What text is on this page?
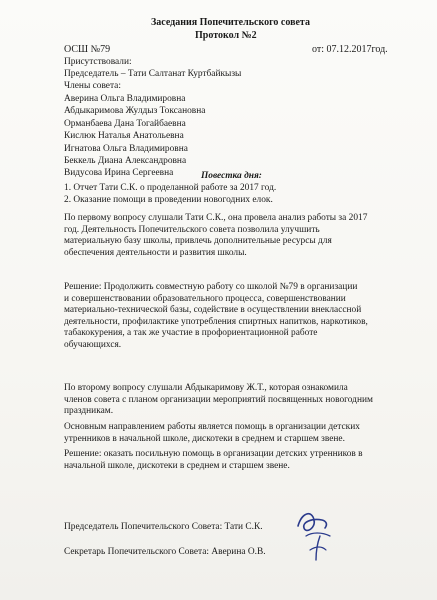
Заседания Попечительского совета
Протокол №2
ОСШ №79	от: 07.12.2017год.
Присутствовали:
Председатель – Тати Салтанат Куртбайкызы
Члены совета:
Аверина Ольга Владимировна
Абдыкаримова Жулдыз Токсановна
Орманбаева Дана Тогайбаевна
Кислюк Наталья Анатольевна
Игнатова Ольга Владимировна
Беккель Диана Александровна
Видусова Ирина Сергеевна	Повестка дня:
1. Отчет Тати С.К. о проделанной работе за 2017 год.
2. Оказание помощи в проведении новогодних елок.
По первому вопросу слушали Тати С.К., она провела анализ работы за 2017
год. Деятельность Попечительского совета позволила улучшить
материальную базу школы, привлечь дополнительные ресурсы для
обеспечения деятельности и развития школы.
Решение: Продолжить совместную работу со школой №79 в организации
и совершенствовании образовательного процесса, совершенствовании
материально-технической базы, содействие в осуществлении внеклассной
деятельности, профилактике употребления спиртных напитков, наркотиков,
табакокурения, а так же участие в профориентационной работе
обучающихся.
По второму вопросу слушали Абдыкаримову Ж.Т., которая ознакомила
членов совета с планом организации мероприятий посвященных новогодним
праздникам.
Основным направлением работы является помощь в организации детских
утренников в начальной школе, дискотеки в среднем и старшем звене.
Решение: оказать посильную помощь в организации детских утренников в
начальной школе, дискотеки в среднем и старшем звене.
Председатель Попечительского Совета: Тати С.К.
Секретарь Попечительского Совета: Аверина О.В.
